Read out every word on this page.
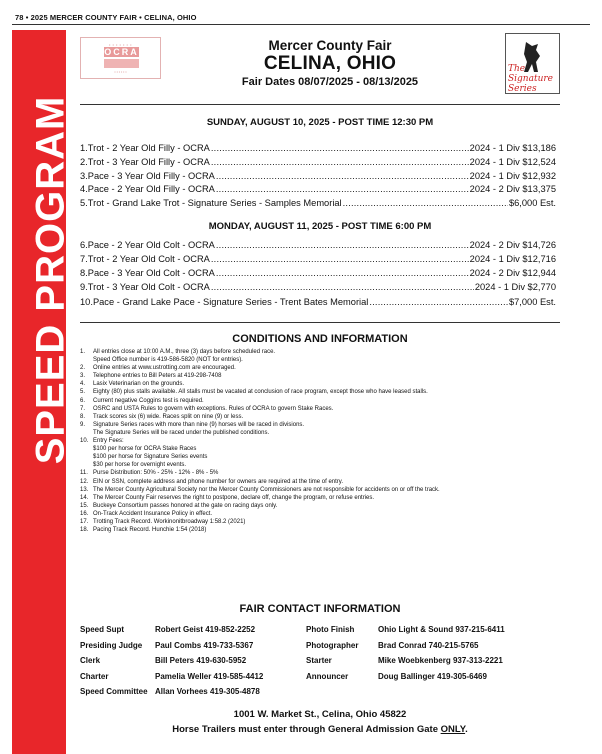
78 • 2025 MERCER COUNTY FAIR • CELINA, OHIO
SPEED PROGRAM
• • • • • • •
OCRA
• • • • • •	The Signature Series
Mercer County Fair
CELINA, OHIO
Fair Dates 08/07/2025 - 08/13/2025
SUNDAY, AUGUST 10, 2025 - POST TIME 12:30 PM
1. Trot - 2 Year Old Filly - OCRA .....	2024 - 1 Div $13,186
2. Trot - 3 Year Old Filly - OCRA .....	2024 - 1 Div $12,524
3. Pace - 3 Year Old Filly - OCRA .....	2024 - 1 Div $12,932
4. Pace - 2 Year Old Filly - OCRA .....	2024 - 2 Div $13,375
5. Trot - Grand Lake Trot - Signature Series - Samples Memorial .....	$6,000 Est.
MONDAY, AUGUST 11, 2025 - POST TIME 6:00 PM
6. Pace - 2 Year Old Colt - OCRA .....	2024 - 2 Div $14,726
7. Trot - 2 Year Old Colt - OCRA .....	2024 - 1 Div $12,716
8. Pace - 3 Year Old Colt - OCRA .....	2024 - 2 Div $12,944
9. Trot - 3 Year Old Colt - OCRA .....	2024 - 1 Div $2,770
10. Pace - Grand Lake Pace - Signature Series - Trent Bates Memorial .....	$7,000 Est.
CONDITIONS AND INFORMATION
1.	All entries close at 10:00 A.M., three (3) days before scheduled race.
Speed Office number is 419-586-5820 (NOT for entries).
2.	Online entries at www.ustrotting.com are encouraged.
3.	Telephone entries to Bill Peters at 419-298-7408
4.	Lasix Veterinarian on the grounds.
5.	Eighty (80) plus stalls available. All stalls must be vacated at conclusion of race program, except those who have leased stalls.
6.	Current negative Coggins test is required.
7.	OSRC and USTA Rules to govern with exceptions. Rules of OCRA to govern Stake Races.
8.	Track scores six (6) wide. Races split on nine (9) or less.
9.	Signature Series races with more than nine (9) horses will be raced in divisions.
The Signature Series will be raced under the published conditions.
10. Entry Fees:
$100 per horse for OCRA Stake Races
$100 per horse for Signature Series events
$30 per horse for overnight events.
11. Purse Distribution: 50% - 25% - 12% - 8% - 5%
12. EIN or SSN, complete address and phone number for owners are required at the time of entry.
13. The Mercer County Agricultural Society nor the Mercer County Commissioners are not responsible for accidents on or off the track.
14. The Mercer County Fair reserves the right to postpone, declare off, change the program, or refuse entries.
15. Buckeye Consortium passes honored at the gate on racing days only.
16. On-Track Accident Insurance Policy in effect.
17. Trotting Track Record. Workinonitbroadway 1:58.2 (2021)
18. Pacing Track Record. Hunchie 1:54 (2018)
FAIR CONTACT INFORMATION
Speed Supt	Robert Geist 419-852-2252	Photo Finish	Ohio Light & Sound 937-215-6411
Presiding Judge	Paul Combs 419-733-5367	Photographer	Brad Conrad 740-215-5765
Clerk	Bill Peters 419-630-5952	Starter	Mike Woebkenberg 937-313-2221
Charter	Pamelia Weller 419-585-4412	Announcer	Doug Ballinger 419-305-6469
Speed Committee Allan Vorhees 419-305-4878
1001 W. Market St., Celina, Ohio 45822
Horse Trailers must enter through General Admission Gate ONLY.
